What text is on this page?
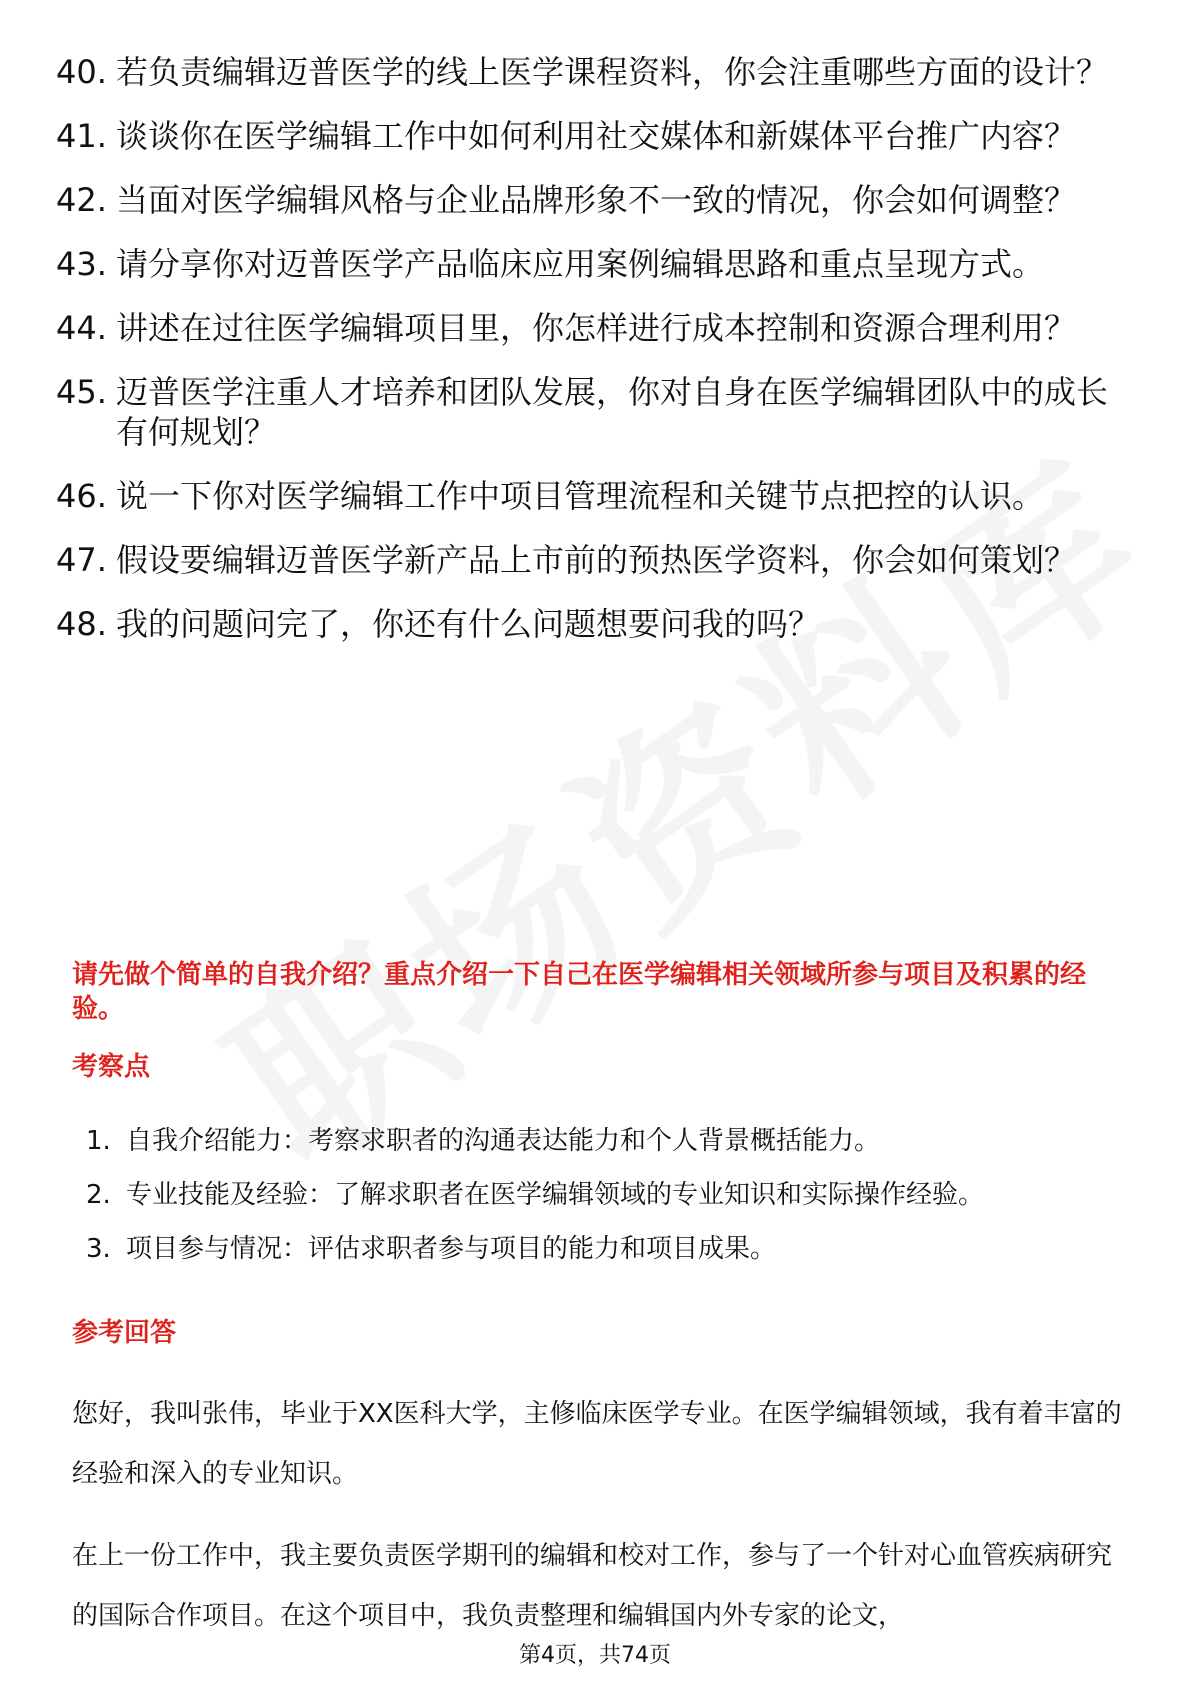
40. 若负责编辑迈普医学的线上医学课程资料，你会注重哪些方面的设计？
41. 谈谈你在医学编辑工作中如何利用社交媒体和新媒体平台推广内容？
42. 当面对医学编辑风格与企业品牌形象不一致的情况，你会如何调整？
43. 请分享你对迈普医学产品临床应用案例编辑思路和重点呈现方式。
44. 讲述在过往医学编辑项目里，你怎样进行成本控制和资源合理利用？
45. 迈普医学注重人才培养和团队发展，你对自身在医学编辑团队中的成长有何规划？
46. 说一下你对医学编辑工作中项目管理流程和关键节点把控的认识。
47. 假设要编辑迈普医学新产品上市前的预热医学资料，你会如何策划？
48. 我的问题问完了，你还有什么问题想要问我的吗？

请先做个简单的自我介绍？重点介绍一下自己在医学编辑相关领域所参与项目及积累的经验。

考察点

1. 自我介绍能力：考察求职者的沟通表达能力和个人背景概括能力。
2. 专业技能及经验：了解求职者在医学编辑领域的专业知识和实际操作经验。
3. 项目参与情况：评估求职者参与项目的能力和项目成果。

参考回答

您好，我叫张伟，毕业于XX医科大学，主修临床医学专业。在医学编辑领域，我有着丰富的经验和深入的专业知识。

在上一份工作中，我主要负责医学期刊的编辑和校对工作，参与了一个针对心血管疾病研究的国际合作项目。在这个项目中，我负责整理和编辑国内外专家的论文，

第4页，共74页
